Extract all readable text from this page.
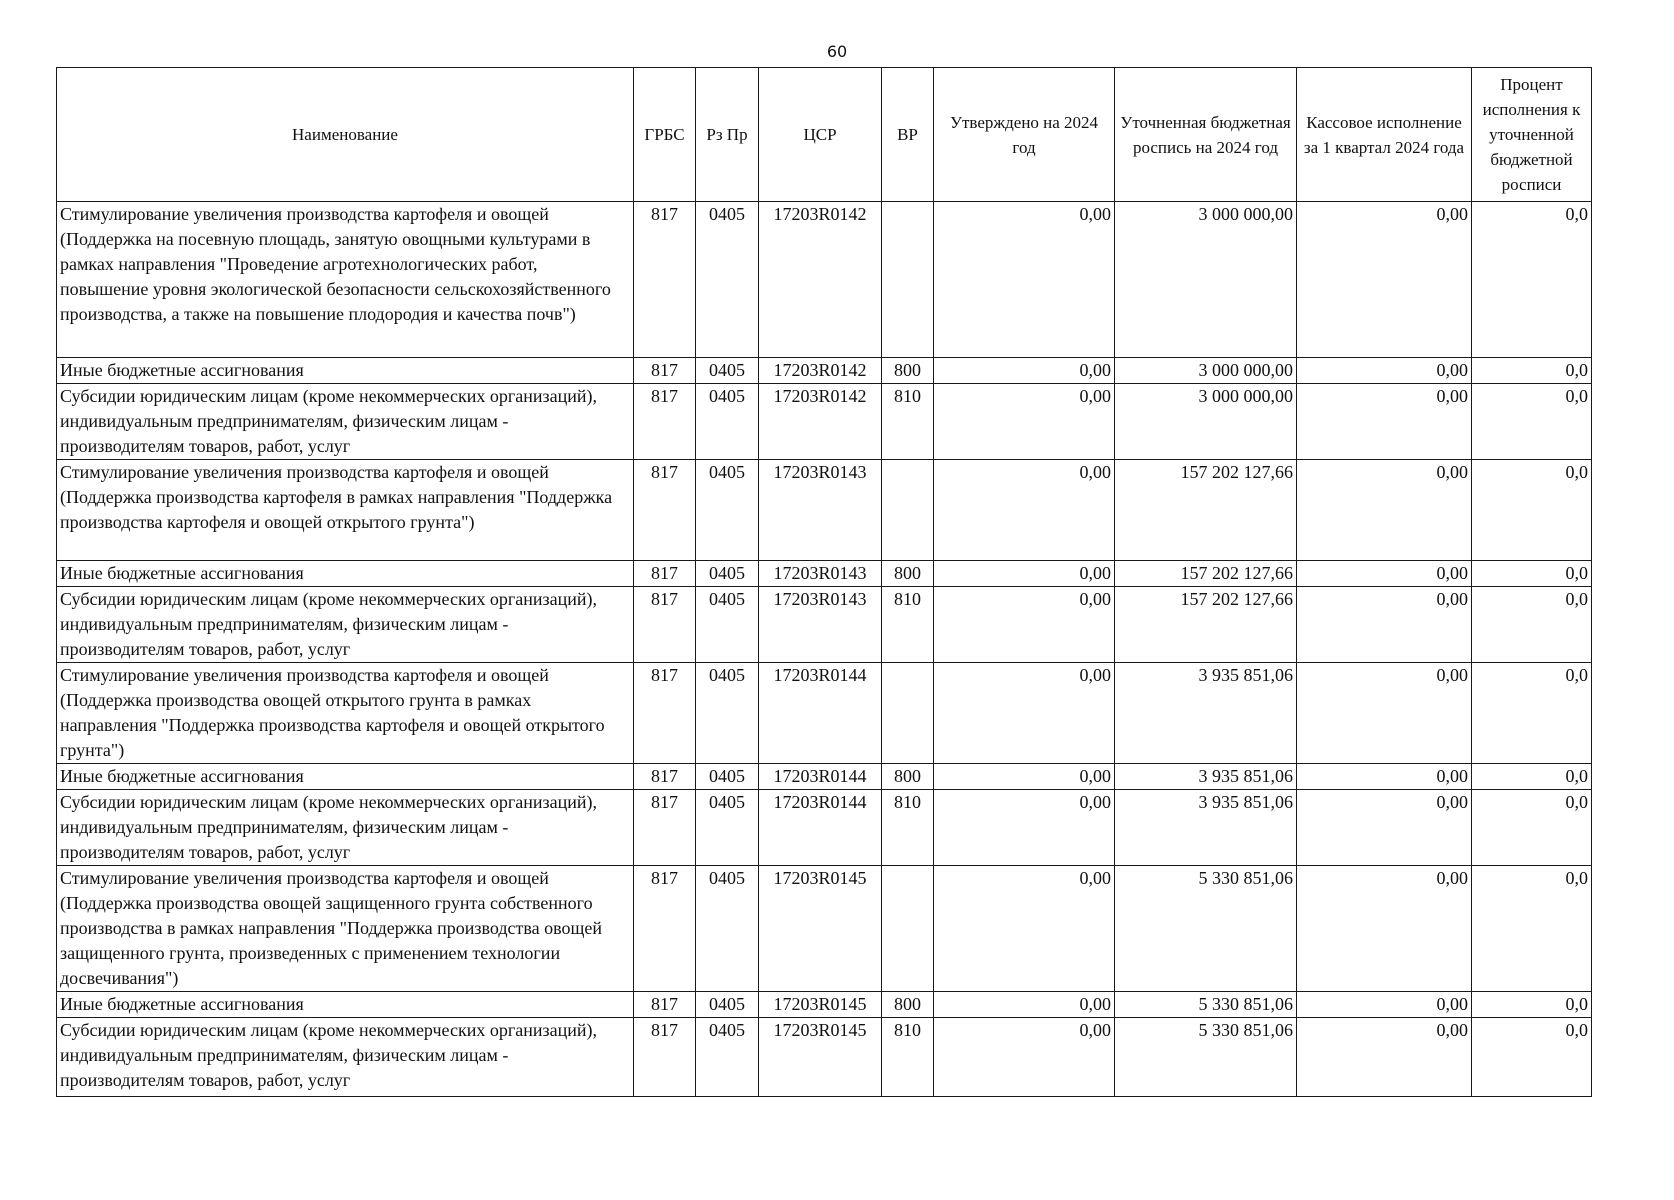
60
Наименование	ГРБС	Рз Пр	ЦСР	ВР	Утверждено на 2024 год	Уточненная бюджетная роспись на 2024 год	Кассовое исполнение за 1 квартал 2024 года	Процент исполнения к уточненной бюджетной росписи
Стимулирование увеличения производства картофеля и овощей (Поддержка на посевную площадь, занятую овощными культурами в рамках направления "Проведение агротехнологических работ, повышение уровня экологической безопасности сельскохозяйственного производства, а также на повышение плодородия и качества почв")	817	0405	17203R0142		0,00	3 000 000,00	0,00	0,0
Иные бюджетные ассигнования	817	0405	17203R0142	800	0,00	3 000 000,00	0,00	0,0
Субсидии юридическим лицам (кроме некоммерческих организаций), индивидуальным предпринимателям, физическим лицам - производителям товаров, работ, услуг	817	0405	17203R0142	810	0,00	3 000 000,00	0,00	0,0
Стимулирование увеличения производства картофеля и овощей (Поддержка производства картофеля в рамках направления "Поддержка производства картофеля и овощей открытого грунта")	817	0405	17203R0143		0,00	157 202 127,66	0,00	0,0
Иные бюджетные ассигнования	817	0405	17203R0143	800	0,00	157 202 127,66	0,00	0,0
Субсидии юридическим лицам (кроме некоммерческих организаций), индивидуальным предпринимателям, физическим лицам - производителям товаров, работ, услуг	817	0405	17203R0143	810	0,00	157 202 127,66	0,00	0,0
Стимулирование увеличения производства картофеля и овощей (Поддержка производства овощей открытого грунта в рамках направления "Поддержка производства картофеля и овощей открытого грунта")	817	0405	17203R0144		0,00	3 935 851,06	0,00	0,0
Иные бюджетные ассигнования	817	0405	17203R0144	800	0,00	3 935 851,06	0,00	0,0
Субсидии юридическим лицам (кроме некоммерческих организаций), индивидуальным предпринимателям, физическим лицам - производителям товаров, работ, услуг	817	0405	17203R0144	810	0,00	3 935 851,06	0,00	0,0
Стимулирование увеличения производства картофеля и овощей (Поддержка производства овощей защищенного грунта собственного производства в рамках направления "Поддержка производства овощей защищенного грунта, произведенных с применением технологии досвечивания")	817	0405	17203R0145		0,00	5 330 851,06	0,00	0,0
Иные бюджетные ассигнования	817	0405	17203R0145	800	0,00	5 330 851,06	0,00	0,0
Субсидии юридическим лицам (кроме некоммерческих организаций), индивидуальным предпринимателям, физическим лицам - производителям товаров, работ, услуг	817	0405	17203R0145	810	0,00	5 330 851,06	0,00	0,0
